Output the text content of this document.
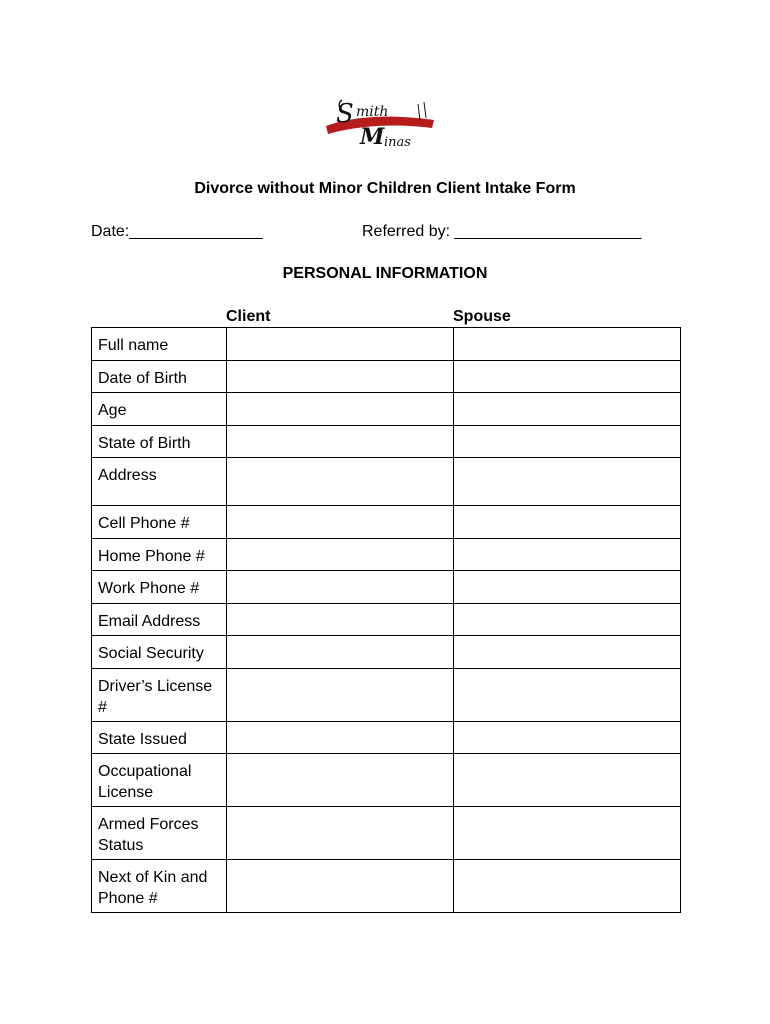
S mith
M inas
Divorce without Minor Children Client Intake Form
Date:_______________	Referred by: _____________________
PERSONAL INFORMATION
Client	Spouse
Full name		
Date of Birth		
Age		
State of Birth		
Address		
Cell Phone #		
Home Phone #		
Work Phone #		
Email Address		
Social Security		
Driver’s License #		
State Issued		
Occupational License		
Armed Forces Status		
Next of Kin and Phone #		
